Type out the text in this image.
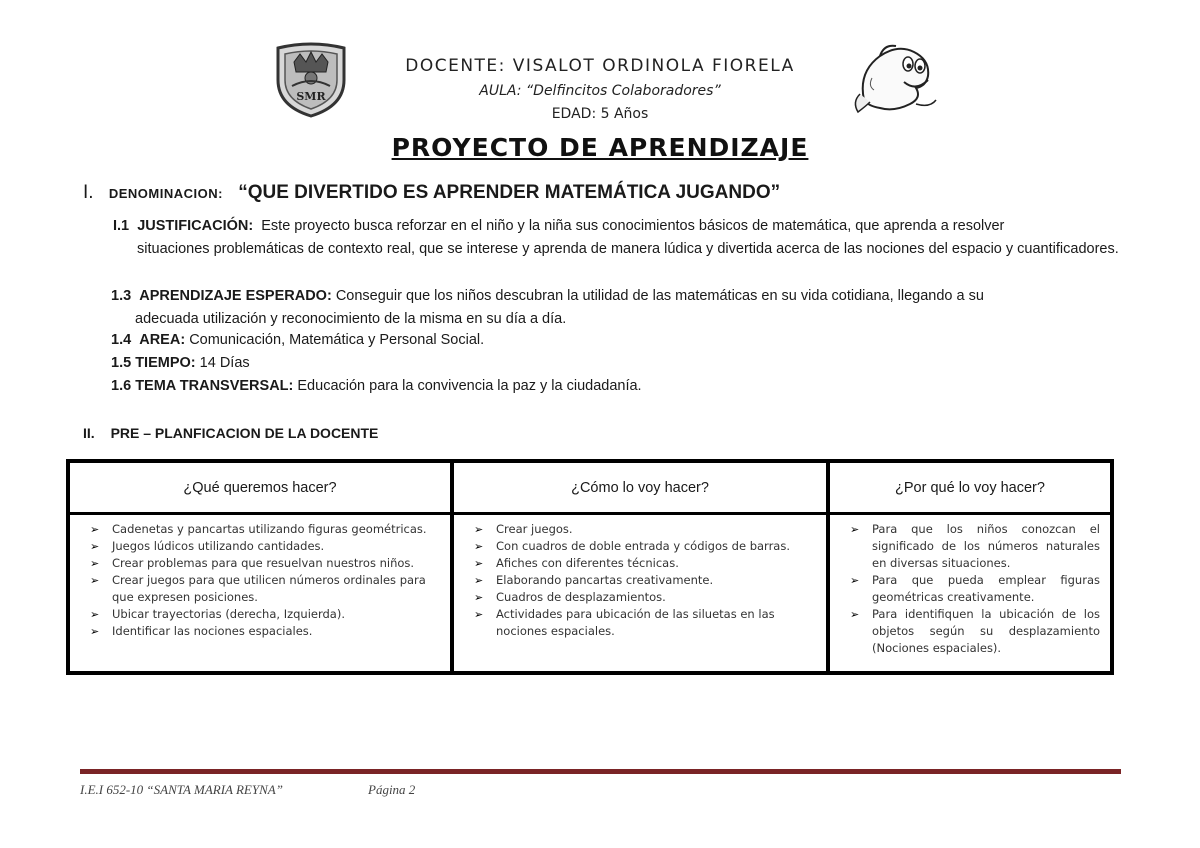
SMR
DOCENTE: VISALOT ORDINOLA FIORELA
AULA: “Delfincitos Colaboradores”
EDAD: 5 Años
PROYECTO DE APRENDIZAJE
I. DENOMINACION: “QUE DIVERTIDO ES APRENDER MATEMÁTICA JUGANDO”
I.1 JUSTIFICACIÓN: Este proyecto busca reforzar en el niño y la niña sus conocimientos básicos de matemática, que aprenda a resolver
situaciones problemáticas de contexto real, que se interese y aprenda de manera lúdica y divertida acerca de las nociones del espacio y cuantificadores.
1.3 APRENDIZAJE ESPERADO: Conseguir que los niños descubran la utilidad de las matemáticas en su vida cotidiana, llegando a su
adecuada utilización y reconocimiento de la misma en su día a día.
1.4 AREA: Comunicación, Matemática y Personal Social.
1.5 TIEMPO: 14 Días
1.6 TEMA TRANSVERSAL: Educación para la convivencia la paz y la ciudadanía.
II. PRE – PLANFICACION DE LA DOCENTE
¿Qué queremos hacer?
➢ Cadenetas y pancartas utilizando figuras geométricas.
➢ Juegos lúdicos utilizando cantidades.
➢ Crear problemas para que resuelvan nuestros niños.
➢ Crear juegos para que utilicen números ordinales para que expresen posiciones.
➢ Ubicar trayectorias (derecha, Izquierda).
➢ Identificar las nociones espaciales.
¿Cómo lo voy hacer?
➢ Crear juegos.
➢ Con cuadros de doble entrada y códigos de barras.
➢ Afiches con diferentes técnicas.
➢ Elaborando pancartas creativamente.
➢ Cuadros de desplazamientos.
➢ Actividades para ubicación de las siluetas en las nociones espaciales.
¿Por qué lo voy hacer?
➢ Para que los niños conozcan el significado de los números naturales en diversas situaciones.
➢ Para que pueda emplear figuras geométricas creativamente.
➢ Para identifiquen la ubicación de los objetos según su desplazamiento (Nociones espaciales).
I.E.I 652-10 “SANTA MARIA REYNA”	Página 2
